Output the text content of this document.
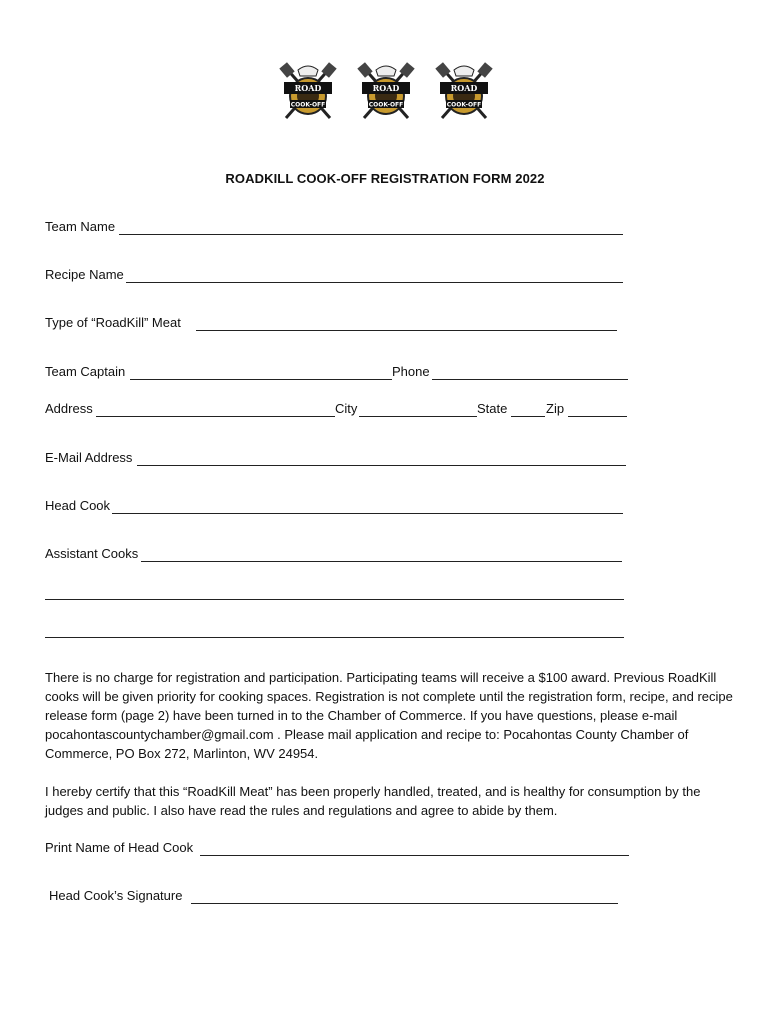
ROAD
COOK-OFF
ROAD
COOK-OFF
ROAD
COOK-OFF
ROADKILL COOK-OFF REGISTRATION FORM 2022
Team Name
Recipe Name
Type of “RoadKill” Meat
Team Captain	Phone
Address	City	State	Zip
E-Mail Address
Head Cook
Assistant Cooks
There is no charge for registration and participation. Participating teams will receive a $100 award. Previous RoadKill cooks will be given priority for cooking spaces. Registration is not complete until the registration form, recipe, and recipe release form (page 2) have been turned in to the Chamber of Commerce. If you have questions, please e-mail pocahontascountychamber@gmail.com . Please mail application and recipe to: Pocahontas County Chamber of Commerce, PO Box 272, Marlinton, WV 24954.
I hereby certify that this “RoadKill Meat” has been properly handled, treated, and is healthy for consumption by the judges and public. I also have read the rules and regulations and agree to abide by them.
Print Name of Head Cook
Head Cook’s Signature
